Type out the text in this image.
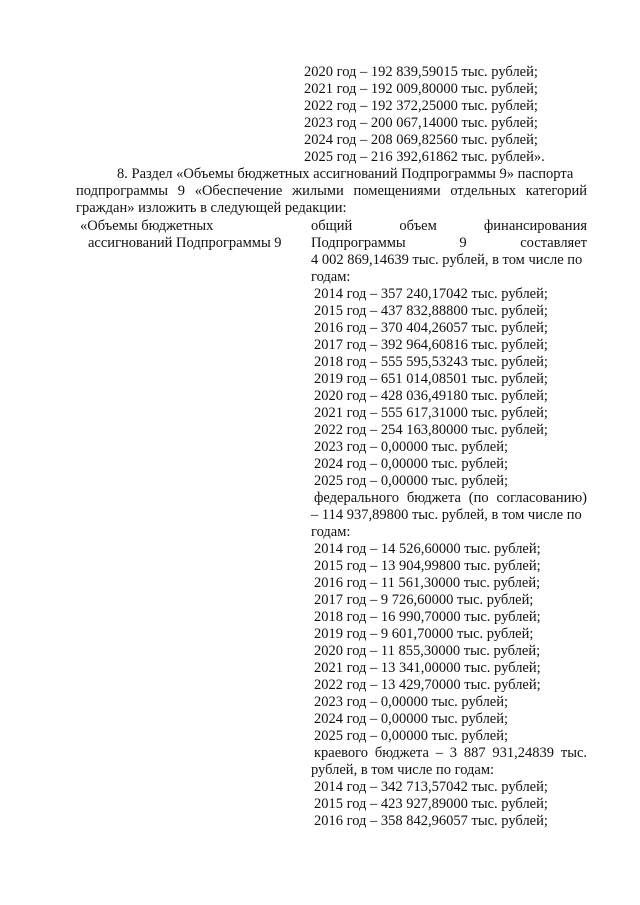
2020 год – 192 839,59015 тыс. рублей;
2021 год – 192 009,80000 тыс. рублей;
2022 год – 192 372,25000 тыс. рублей;
2023 год – 200 067,14000 тыс. рублей;
2024 год – 208 069,82560 тыс. рублей;
2025 год – 216 392,61862 тыс. рублей».
8. Раздел «Объемы бюджетных ассигнований Подпрограммы 9» паспорта
подпрограммы 9 «Обеспечение жилыми помещениями отдельных категорий
граждан» изложить в следующей редакции:
«Объемы бюджетных
ассигнований Подпрограммы 9
общий объем финансирования
Подпрограммы 9 составляет
4 002 869,14639 тыс. рублей, в том числе по
годам:
2014 год – 357 240,17042 тыс. рублей;
2015 год – 437 832,88800 тыс. рублей;
2016 год – 370 404,26057 тыс. рублей;
2017 год – 392 964,60816 тыс. рублей;
2018 год – 555 595,53243 тыс. рублей;
2019 год – 651 014,08501 тыс. рублей;
2020 год – 428 036,49180 тыс. рублей;
2021 год – 555 617,31000 тыс. рублей;
2022 год – 254 163,80000 тыс. рублей;
2023 год – 0,00000 тыс. рублей;
2024 год – 0,00000 тыс. рублей;
2025 год – 0,00000 тыс. рублей;
федерального бюджета (по согласованию)
– 114 937,89800 тыс. рублей, в том числе по
годам:
2014 год – 14 526,60000 тыс. рублей;
2015 год – 13 904,99800 тыс. рублей;
2016 год – 11 561,30000 тыс. рублей;
2017 год – 9 726,60000 тыс. рублей;
2018 год – 16 990,70000 тыс. рублей;
2019 год – 9 601,70000 тыс. рублей;
2020 год – 11 855,30000 тыс. рублей;
2021 год – 13 341,00000 тыс. рублей;
2022 год – 13 429,70000 тыс. рублей;
2023 год – 0,00000 тыс. рублей;
2024 год – 0,00000 тыс. рублей;
2025 год – 0,00000 тыс. рублей;
краевого бюджета – 3 887 931,24839 тыс.
рублей, в том числе по годам:
2014 год – 342 713,57042 тыс. рублей;
2015 год – 423 927,89000 тыс. рублей;
2016 год – 358 842,96057 тыс. рублей;
